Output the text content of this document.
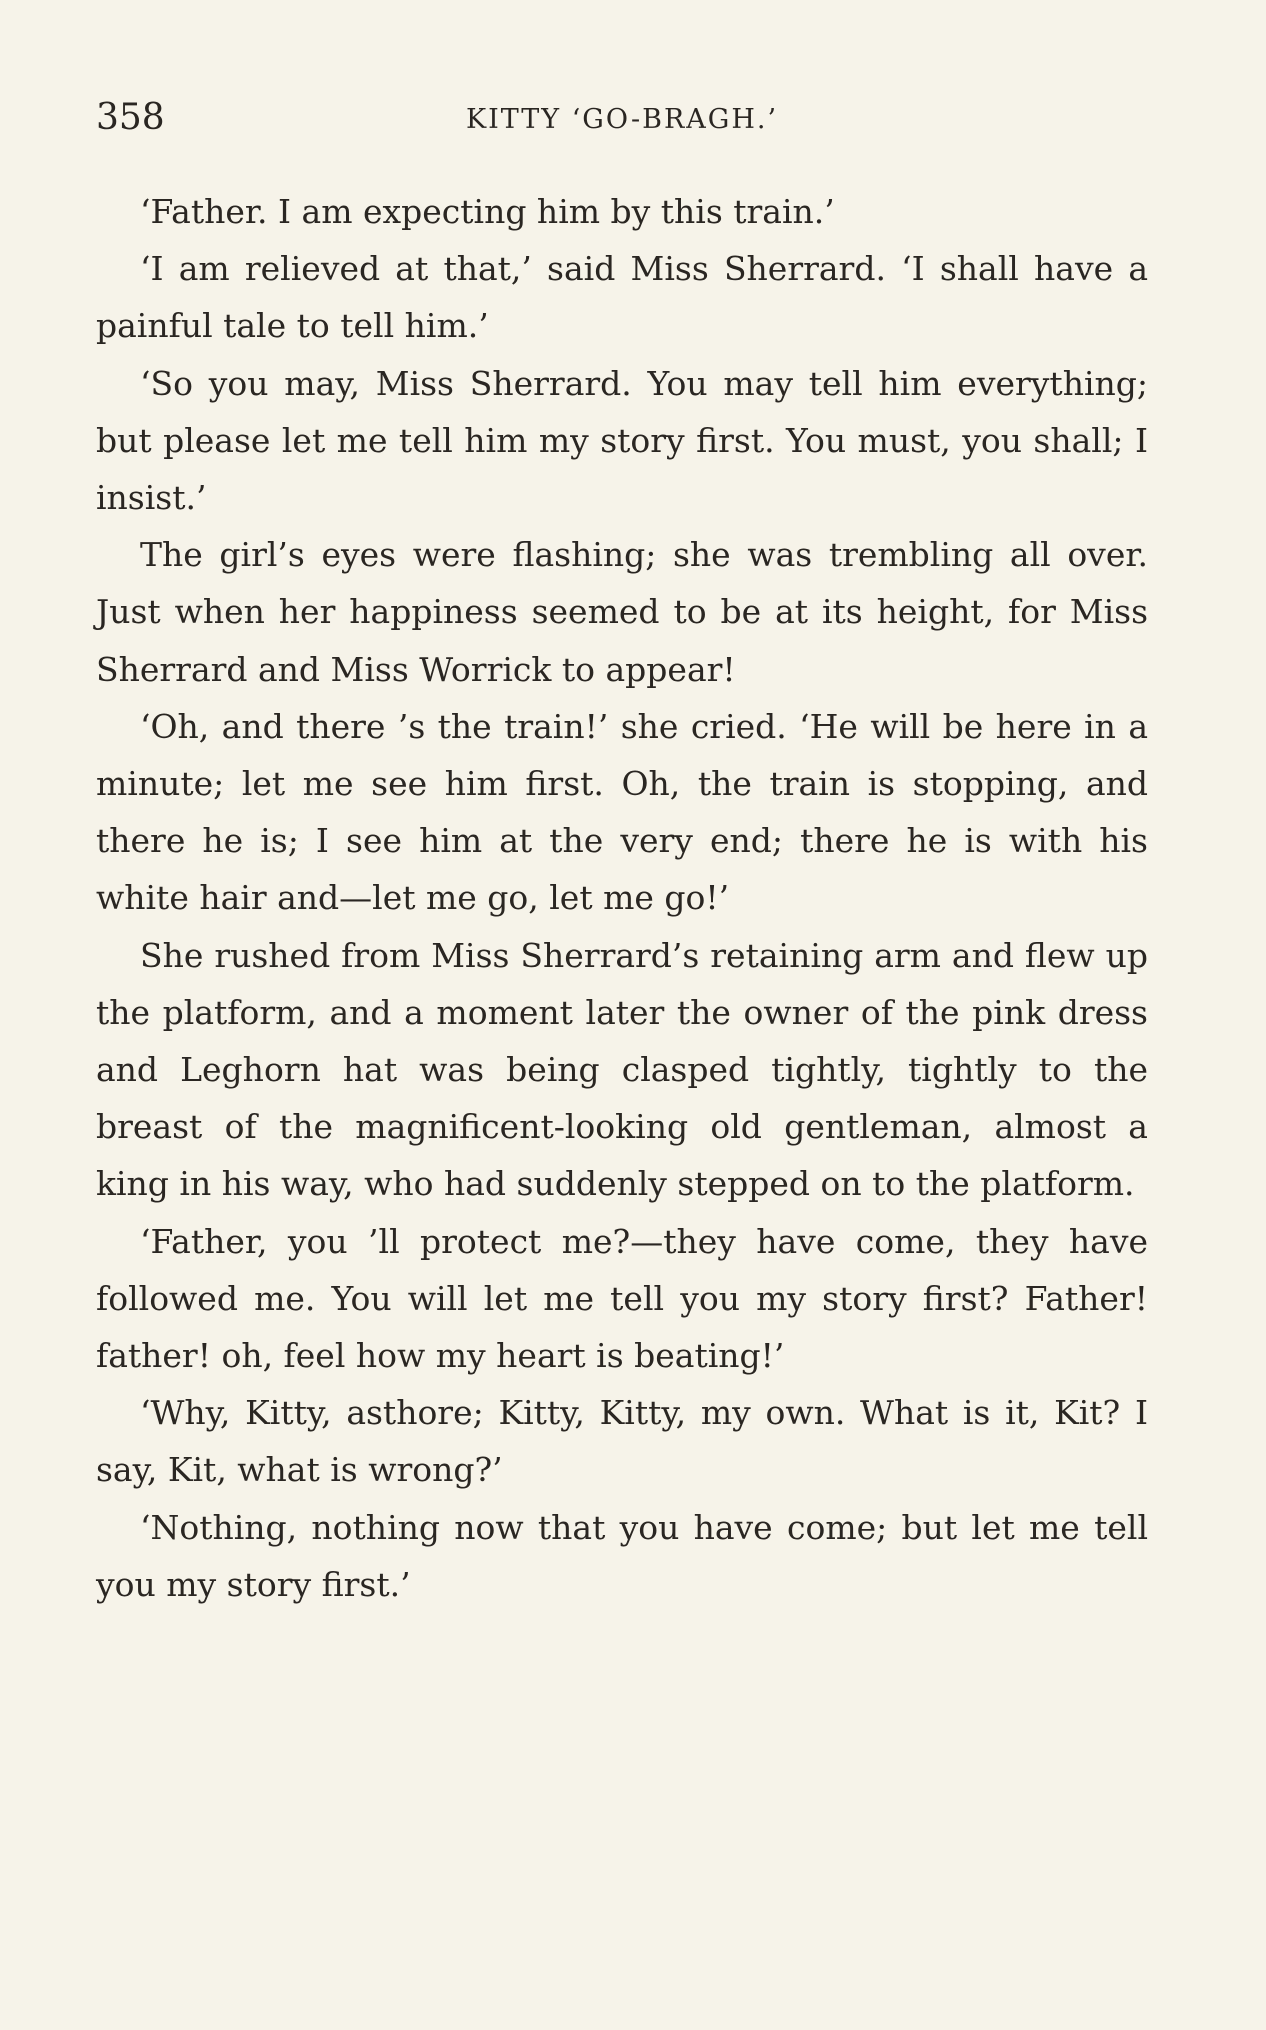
358	KITTY ‘GO-BRAGH.’

‘Father. I am expecting him by this train.’

‘I am relieved at that,’ said Miss Sherrard. ‘I shall have a painful tale to tell him.’

‘So you may, Miss Sherrard. You may tell him everything; but please let me tell him my story first. You must, you shall; I insist.’

The girl’s eyes were flashing; she was trembling all over. Just when her happiness seemed to be at its height, for Miss Sherrard and Miss Worrick to appear!

‘Oh, and there ’s the train!’ she cried. ‘He will be here in a minute; let me see him first. Oh, the train is stopping, and there he is; I see him at the very end; there he is with his white hair and—let me go, let me go!’

She rushed from Miss Sherrard’s retaining arm and flew up the platform, and a moment later the owner of the pink dress and Leghorn hat was being clasped tightly, tightly to the breast of the magnificent-looking old gentleman, almost a king in his way, who had suddenly stepped on to the platform.

‘Father, you ’ll protect me?—they have come, they have followed me. You will let me tell you my story first? Father! father! oh, feel how my heart is beating!’

‘Why, Kitty, asthore; Kitty, Kitty, my own. What is it, Kit? I say, Kit, what is wrong?’

‘Nothing, nothing now that you have come; but let me tell you my story first.’
